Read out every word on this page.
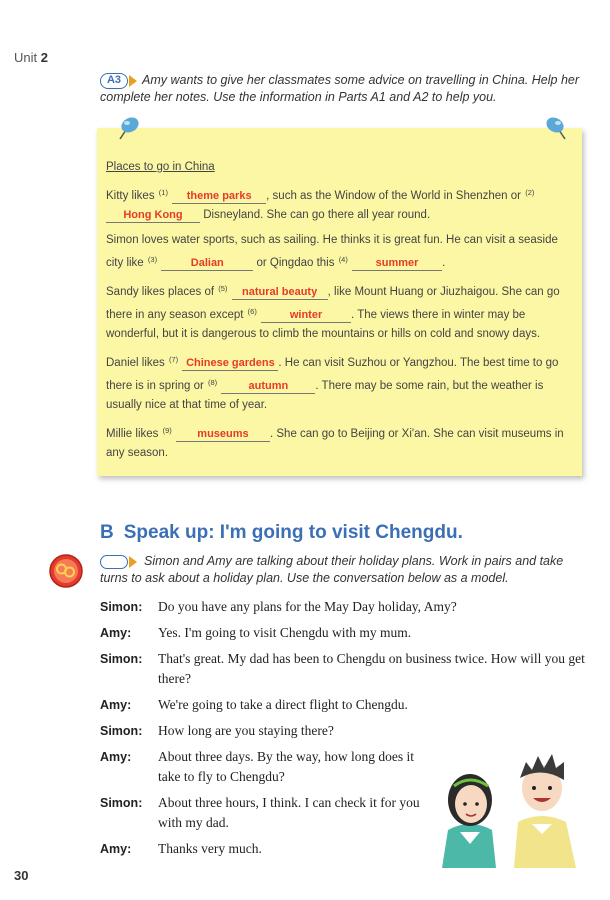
Unit 2
A3	Amy wants to give her classmates some advice on travelling in China. Help her complete her notes. Use the information in Parts A1 and A2 to help you.

Places to go in China

Kitty likes $^{(1)}$ theme parks , such as the Window of the World in Shenzhen or $^{(2)}$ Hong Kong Disneyland. She can go there all year round.

Simon loves water sports, such as sailing. He thinks it is great fun. He can visit a seaside city like $^{(3)}$	Dalian	or Qingdao this $^{(4)}$	summer .

Sandy likes places of $^{(5)}$ natural beauty , like Mount Huang or Jiuzhaigou. She can go there in any season except $^{(6)}$	winter	. The views there in winter may be wonderful, but it is dangerous to climb the mountains or hills on cold and snowy days.

Daniel likes $^{(7)}$ Chinese gardens . He can visit Suzhou or Yangzhou. The best time to go there is in spring or $^{(8)}$	autumn . There may be some rain, but the weather is usually nice at that time of year.

Millie likes $^{(9)}$ museums . She can go to Beijing or Xi'an. She can visit museums in any season.

B Speak up: I'm going to visit Chengdu.
Simon and Amy are talking about their holiday plans. Work in pairs and take turns to ask about a holiday plan. Use the conversation below as a model.
Simon:	Do you have any plans for the May Day holiday, Amy?
Amy:	Yes. I'm going to visit Chengdu with my mum.
Simon:	That's great. My dad has been to Chengdu on business twice. How will you get there?
Amy:	We're going to take a direct flight to Chengdu.
Simon:	How long are you staying there?
Amy:	About three days. By the way, how long does it take to fly to Chengdu?
Simon:	About three hours, I think. I can check it for you with my dad.
Amy:	Thanks very much.
30
